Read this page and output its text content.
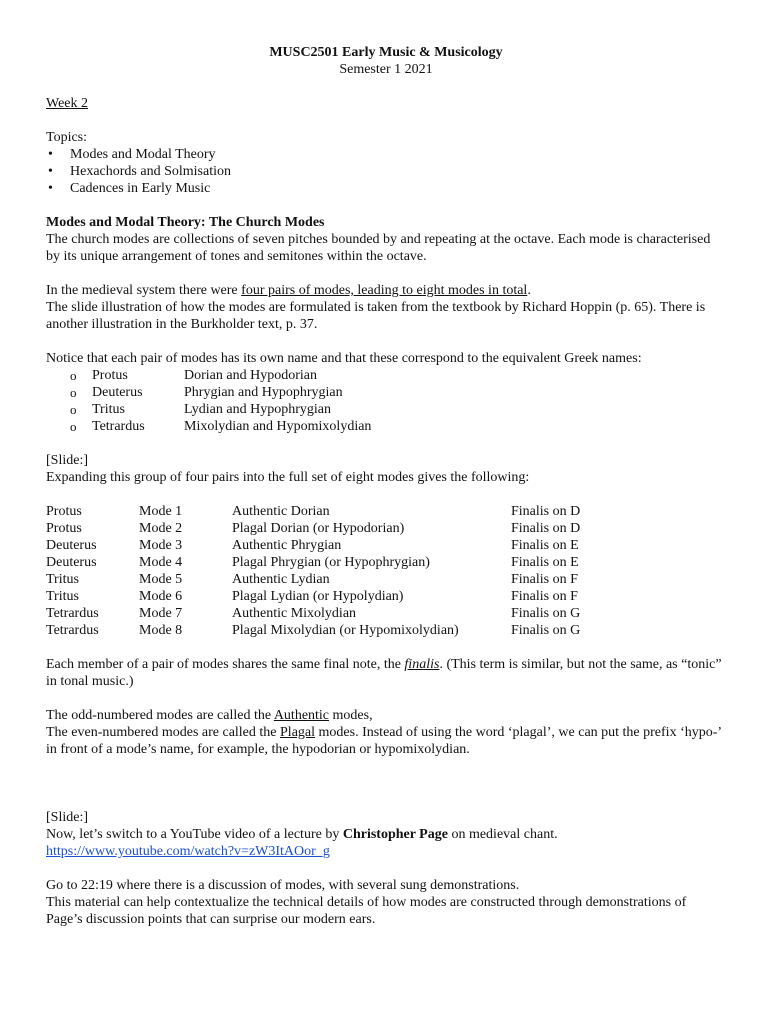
MUSC2501 Early Music & Musicology

Semester 1 2021

Week 2

Topics:

• Modes and Modal Theory
• Hexachords and Solmisation
• Cadences in Early Music

Modes and Modal Theory: The Church Modes

The church modes are collections of seven pitches bounded by and repeating at the octave. Each mode is characterised by its unique arrangement of tones and semitones within the octave.

In the medieval system there were four pairs of modes, leading to eight modes in total.

The slide illustration of how the modes are formulated is taken from the textbook by Richard Hoppin (p. 65). There is another illustration in the Burkholder text, p. 37.

Notice that each pair of modes has its own name and that these correspond to the equivalent Greek names:

o Protus	Dorian and Hypodorian
o Deuterus	Phrygian and Hypophrygian
o Tritus	Lydian and Hypophrygian
o Tetrardus	Mixolydian and Hypomixolydian

[Slide:]

Expanding this group of four pairs into the full set of eight modes gives the following:

Protus	Mode 1	Authentic Dorian	Finalis on D
Protus	Mode 2	Plagal Dorian (or Hypodorian)	Finalis on D
Deuterus	Mode 3	Authentic Phrygian	Finalis on E
Deuterus	Mode 4	Plagal Phrygian (or Hypophrygian)	Finalis on E
Tritus	Mode 5	Authentic Lydian	Finalis on F
Tritus	Mode 6	Plagal Lydian (or Hypolydian)	Finalis on F
Tetrardus	Mode 7	Authentic Mixolydian	Finalis on G
Tetrardus	Mode 8	Plagal Mixolydian (or Hypomixolydian)	Finalis on G

Each member of a pair of modes shares the same final note, the finalis. (This term is similar, but not the same, as “tonic” in tonal music.)

The odd-numbered modes are called the Authentic modes,

The even-numbered modes are called the Plagal modes. Instead of using the word ‘plagal’, we can put the prefix ‘hypo-’ in front of a mode’s name, for example, the hypodorian or hypomixolydian.

[Slide:]

Now, let’s switch to a YouTube video of a lecture by Christopher Page on medieval chant.

https://www.youtube.com/watch?v=zW3ItAOor_g

Go to 22:19 where there is a discussion of modes, with several sung demonstrations.

This material can help contextualize the technical details of how modes are constructed through demonstrations of Page’s discussion points that can surprise our modern ears.
